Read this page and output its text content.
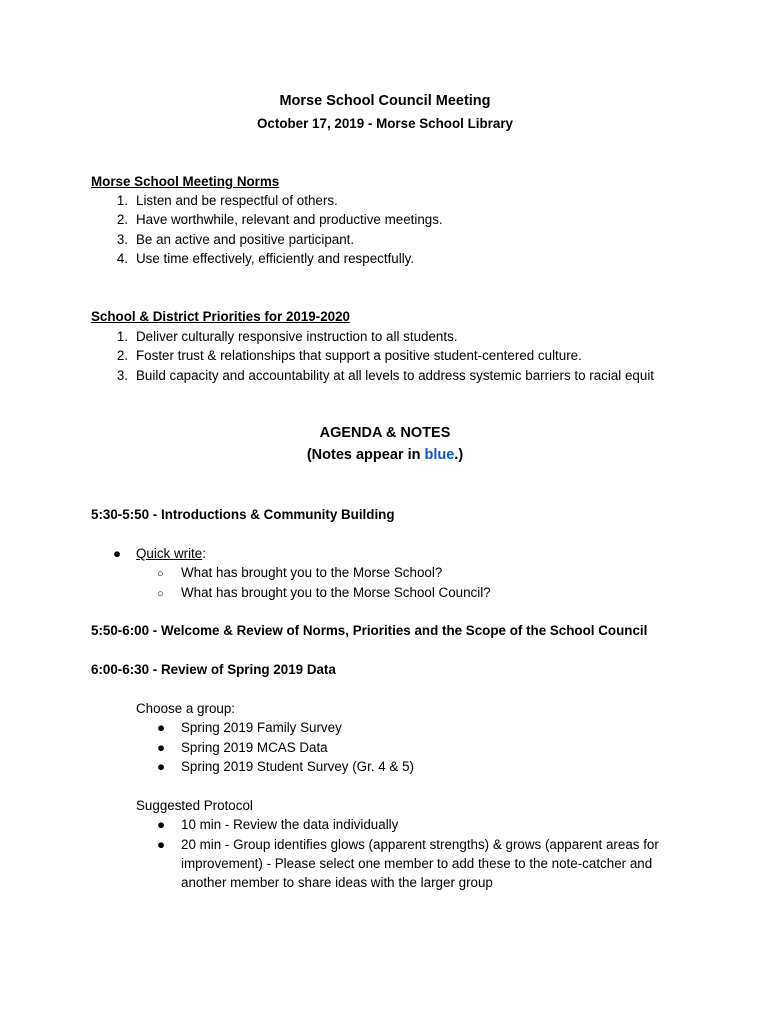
Morse School Council Meeting
October 17, 2019 - Morse School Library
Morse School Meeting Norms
1. Listen and be respectful of others.
2. Have worthwhile, relevant and productive meetings.
3. Be an active and positive participant.
4. Use time effectively, efficiently and respectfully.
School & District Priorities for 2019-2020
1. Deliver culturally responsive instruction to all students.
2. Foster trust & relationships that support a positive student-centered culture.
3. Build capacity and accountability at all levels to address systemic barriers to racial equit
AGENDA & NOTES
(Notes appear in blue.)
5:30-5:50 - Introductions & Community Building
● Quick write:
○ What has brought you to the Morse School?
○ What has brought you to the Morse School Council?
5:50-6:00 - Welcome & Review of Norms, Priorities and the Scope of the School Council
6:00-6:30 - Review of Spring 2019 Data
Choose a group:
● Spring 2019 Family Survey
● Spring 2019 MCAS Data
● Spring 2019 Student Survey (Gr. 4 & 5)
Suggested Protocol
● 10 min - Review the data individually
●	20 min - Group identifies glows (apparent strengths) & grows (apparent areas for improvement) - Please select one member to add these to the note-catcher and another member to share ideas with the larger group
